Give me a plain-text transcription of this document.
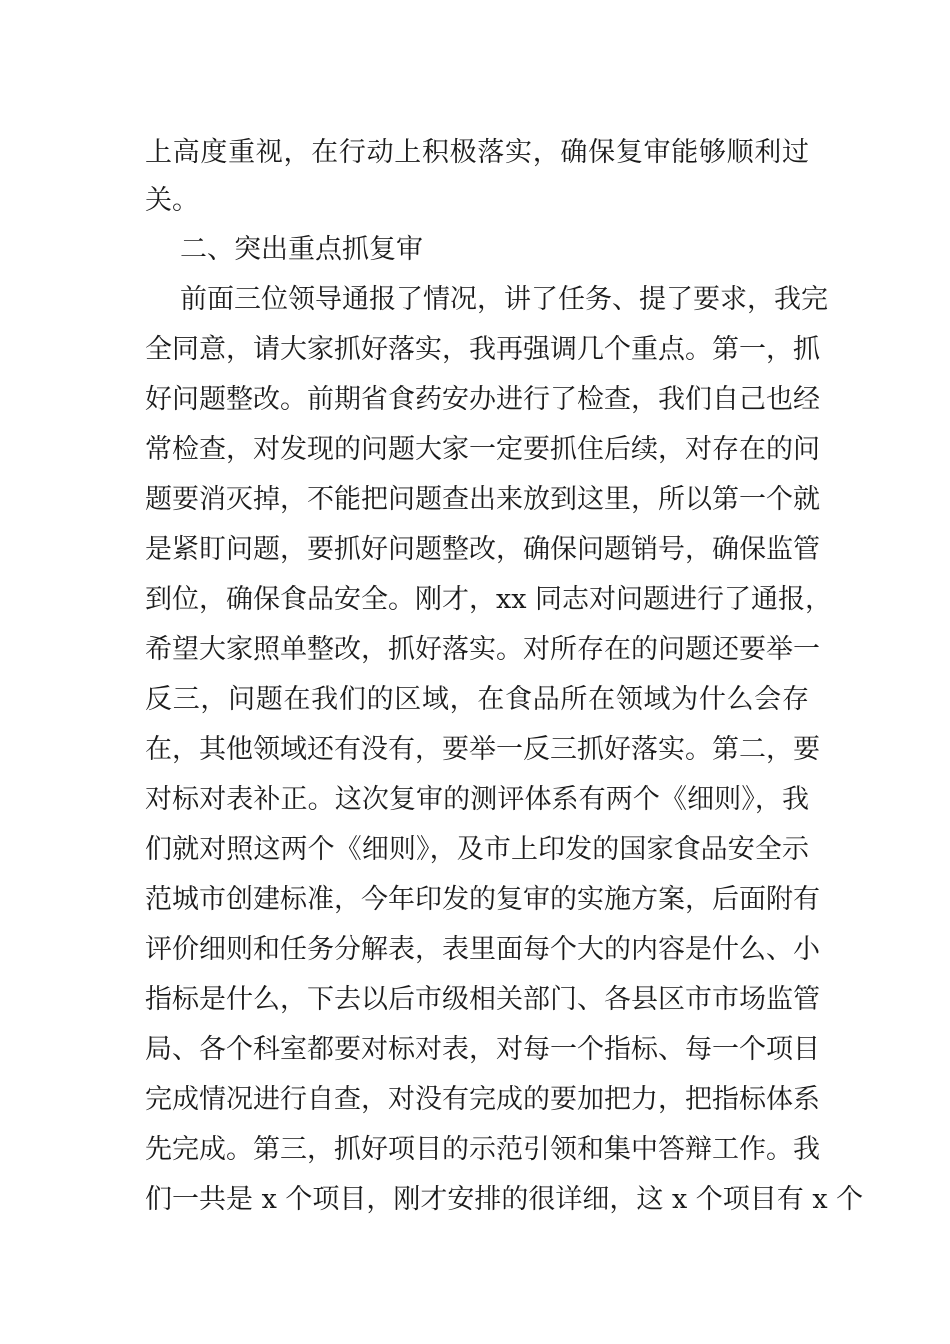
上高度重视，在行动上积极落实，确保复审能够顺利过
关。
二、突出重点抓复审
前面三位领导通报了情况，讲了任务、提了要求，我完
全同意，请大家抓好落实，我再强调几个重点。第一，抓
好问题整改。前期省食药安办进行了检查，我们自己也经
常检查，对发现的问题大家一定要抓住后续，对存在的问
题要消灭掉，不能把问题查出来放到这里，所以第一个就
是紧盯问题，要抓好问题整改，确保问题销号，确保监管
到位，确保食品安全。刚才，xx 同志对问题进行了通报，
希望大家照单整改，抓好落实。对所存在的问题还要举一
反三，问题在我们的区域，在食品所在领域为什么会存
在，其他领域还有没有，要举一反三抓好落实。第二，要
对标对表补正。这次复审的测评体系有两个《细则》，我
们就对照这两个《细则》，及市上印发的国家食品安全示
范城市创建标准，今年印发的复审的实施方案，后面附有
评价细则和任务分解表，表里面每个大的内容是什么、小
指标是什么，下去以后市级相关部门、各县区市市场监管
局、各个科室都要对标对表，对每一个指标、每一个项目
完成情况进行自查，对没有完成的要加把力，把指标体系
先完成。第三，抓好项目的示范引领和集中答辩工作。我
们一共是 x 个项目，刚才安排的很详细，这 x 个项目有 x 个
